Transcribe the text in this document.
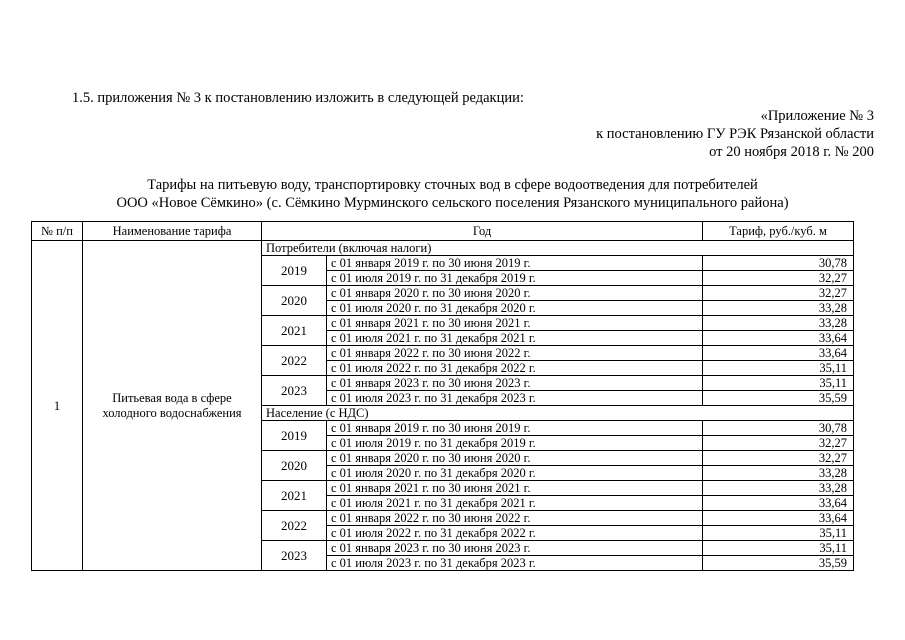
1.5. приложения № 3 к постановлению изложить в следующей редакции:
«Приложение № 3
к постановлению ГУ РЭК Рязанской области
от 20 ноября 2018 г. № 200
Тарифы на питьевую воду, транспортировку сточных вод в сфере водоотведения для потребителей
ООО «Новое Сёмкино» (с. Сёмкино Мурминского сельского поселения Рязанского муниципального района)
№ п/п	Наименование тарифа	Год		Тариф, руб./куб. м
1	Питьевая вода в сфере холодного водоснабжения	Потребители (включая налоги)		
		2019	с 01 января 2019 г. по 30 июня 2019 г.	30,78
			с 01 июля 2019 г. по 31 декабря 2019 г.	32,27
		2020	с 01 января 2020 г. по 30 июня 2020 г.	32,27
			с 01 июля 2020 г. по 31 декабря 2020 г.	33,28
		2021	с 01 января 2021 г. по 30 июня 2021 г.	33,28
			с 01 июля 2021 г. по 31 декабря 2021 г.	33,64
		2022	с 01 января 2022 г. по 30 июня 2022 г.	33,64
			с 01 июля 2022 г. по 31 декабря 2022 г.	35,11
		2023	с 01 января 2023 г. по 30 июня 2023 г.	35,11
			с 01 июля 2023 г. по 31 декабря 2023 г.	35,59
		Население (с НДС)		
		2019	с 01 января 2019 г. по 30 июня 2019 г.	30,78
			с 01 июля 2019 г. по 31 декабря 2019 г.	32,27
		2020	с 01 января 2020 г. по 30 июня 2020 г.	32,27
			с 01 июля 2020 г. по 31 декабря 2020 г.	33,28
		2021	с 01 января 2021 г. по 30 июня 2021 г.	33,28
			с 01 июля 2021 г. по 31 декабря 2021 г.	33,64
		2022	с 01 января 2022 г. по 30 июня 2022 г.	33,64
			с 01 июля 2022 г. по 31 декабря 2022 г.	35,11
		2023	с 01 января 2023 г. по 30 июня 2023 г.	35,11
			с 01 июля 2023 г. по 31 декабря 2023 г.	35,59
